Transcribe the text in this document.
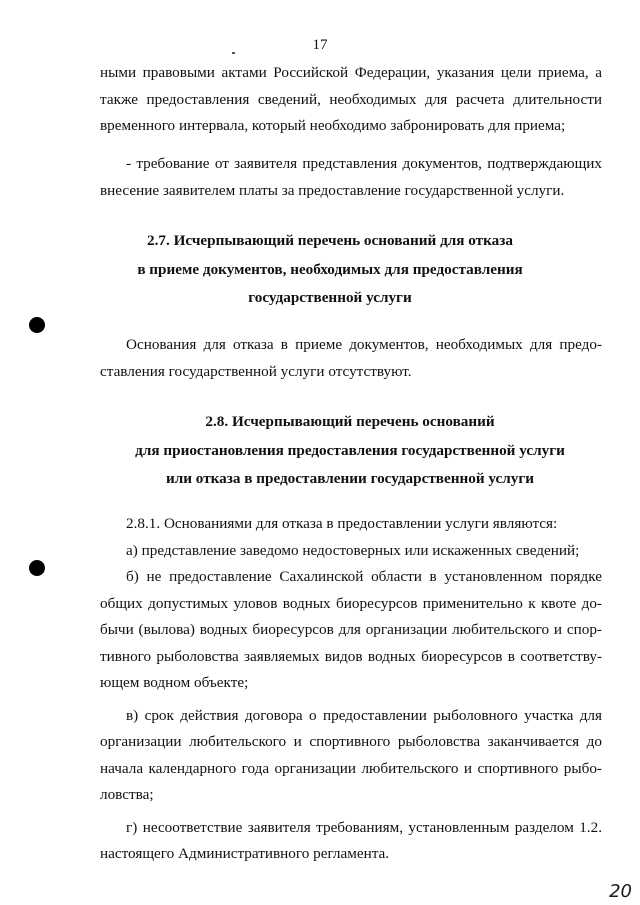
17
ными правовыми актами Российской Федерации, указания цели приема, а
также предоставления сведений, необходимых для расчета длительности
временного интервала, который необходимо забронировать для приема;
- требование от заявителя представления документов, подтверждающих
внесение заявителем платы за предоставление государственной услуги.
2.7. Исчерпывающий перечень оснований для отказа
в приеме документов, необходимых для предоставления
государственной услуги
Основания для отказа в приеме документов, необходимых для предо-
ставления государственной услуги отсутствуют.
2.8. Исчерпывающий перечень оснований
для приостановления предоставления государственной услуги
или отказа в предоставлении государственной услуги
2.8.1. Основаниями для отказа в предоставлении услуги являются:
а) представление заведомо недостоверных или искаженных сведений;
б) не предоставление Сахалинской области в установленном порядке
общих допустимых уловов водных биоресурсов применительно к квоте до-
бычи (вылова) водных биоресурсов для организации любительского и спор-
тивного рыболовства заявляемых видов водных биоресурсов в соответству-
ющем водном объекте;
в) срок действия договора о предоставлении рыболовного участка для
организации любительского и спортивного рыболовства заканчивается до
начала календарного года организации любительского и спортивного рыбо-
ловства;
г) несоответствие заявителя требованиям, установленным разделом 1.2.
настоящего Административного регламента.
20
